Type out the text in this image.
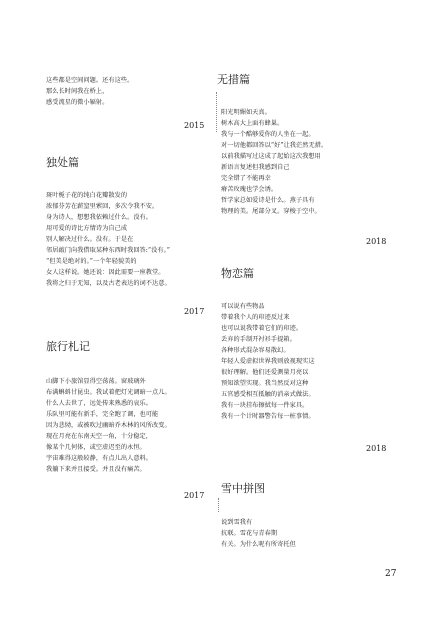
这些都是空间问题。还有这些。
那么长时间我在桥上，
感受流星的微小辐射。
2015
独处篇
斑叶栀子花的纯白花瓣散发的
浓郁芬芳在薪窒里萦回，多次令我不安。
身为诗人，想想我依赖过什么。没有。
用可爱的诗比方情诗为自己成
别人解决过什么。没有。于是在
邻居敲门向我借取某种东西时我回答:“没有。”
“但美是绝对的。”一个年轻貌美的
女人这样说。她还说：因此需要一座教堂。
我将之归于无知，以及古老表达的词不达意。
2017
旅行札记
山脚下小旅馆显得空荡荡。窗玻璃外
布满蝌蚪甘昆虫。我试着把灯光调暗一点儿。
什么人去世了，远处传来熟悉的哀乐。
乐队里可能有新手，完全跑了调，也可能
因为悲恸，或被吹过幽暗乔木林的风所改变。
现在月亮在东南天空一角，十分稳定，
像某个几何体，或空虚迟至的永恒。
宇宙难得这般较静，有点儿出人意料。
我躺下来并且接受。并且没有痛苦。
2017
无措篇
阳光明媚如天真。
树木高大上面有蜂巢。
我与一个酷够爱你的人坐在一起。
对一切他都回答以“好”让我茫然无措。
以前我描写过这成了起始这次我想用
新语言复述但我感到自己
完全错了不能再幸
瘠苦玫瑰也学会诱。
哲学家总如爱诗是什么。燕子具有
物理的美。尾部分叉。穿梭于空中。
2018
物恋篇
可以说有些物品
带着我个人的印迹反过来
也可以说我带着它们的印迹。
丢弃的手制开衬衫手提箱。
各种形式混杂容易散幻。
年轻人爱虚拟世界我则放视现实这
很好理解。他们还爱测量月亮以
预知欲望实现。我当然反对这种
五官感受相互抵触的消亲式做法。
我有一块挂布擦拭每一件家具。
我有一个计时器警告每一桩事情。
2018
雪中拼图
说到雪我有
抗联。雪花与青春期
有关。为什么呢有所寄托但
27
